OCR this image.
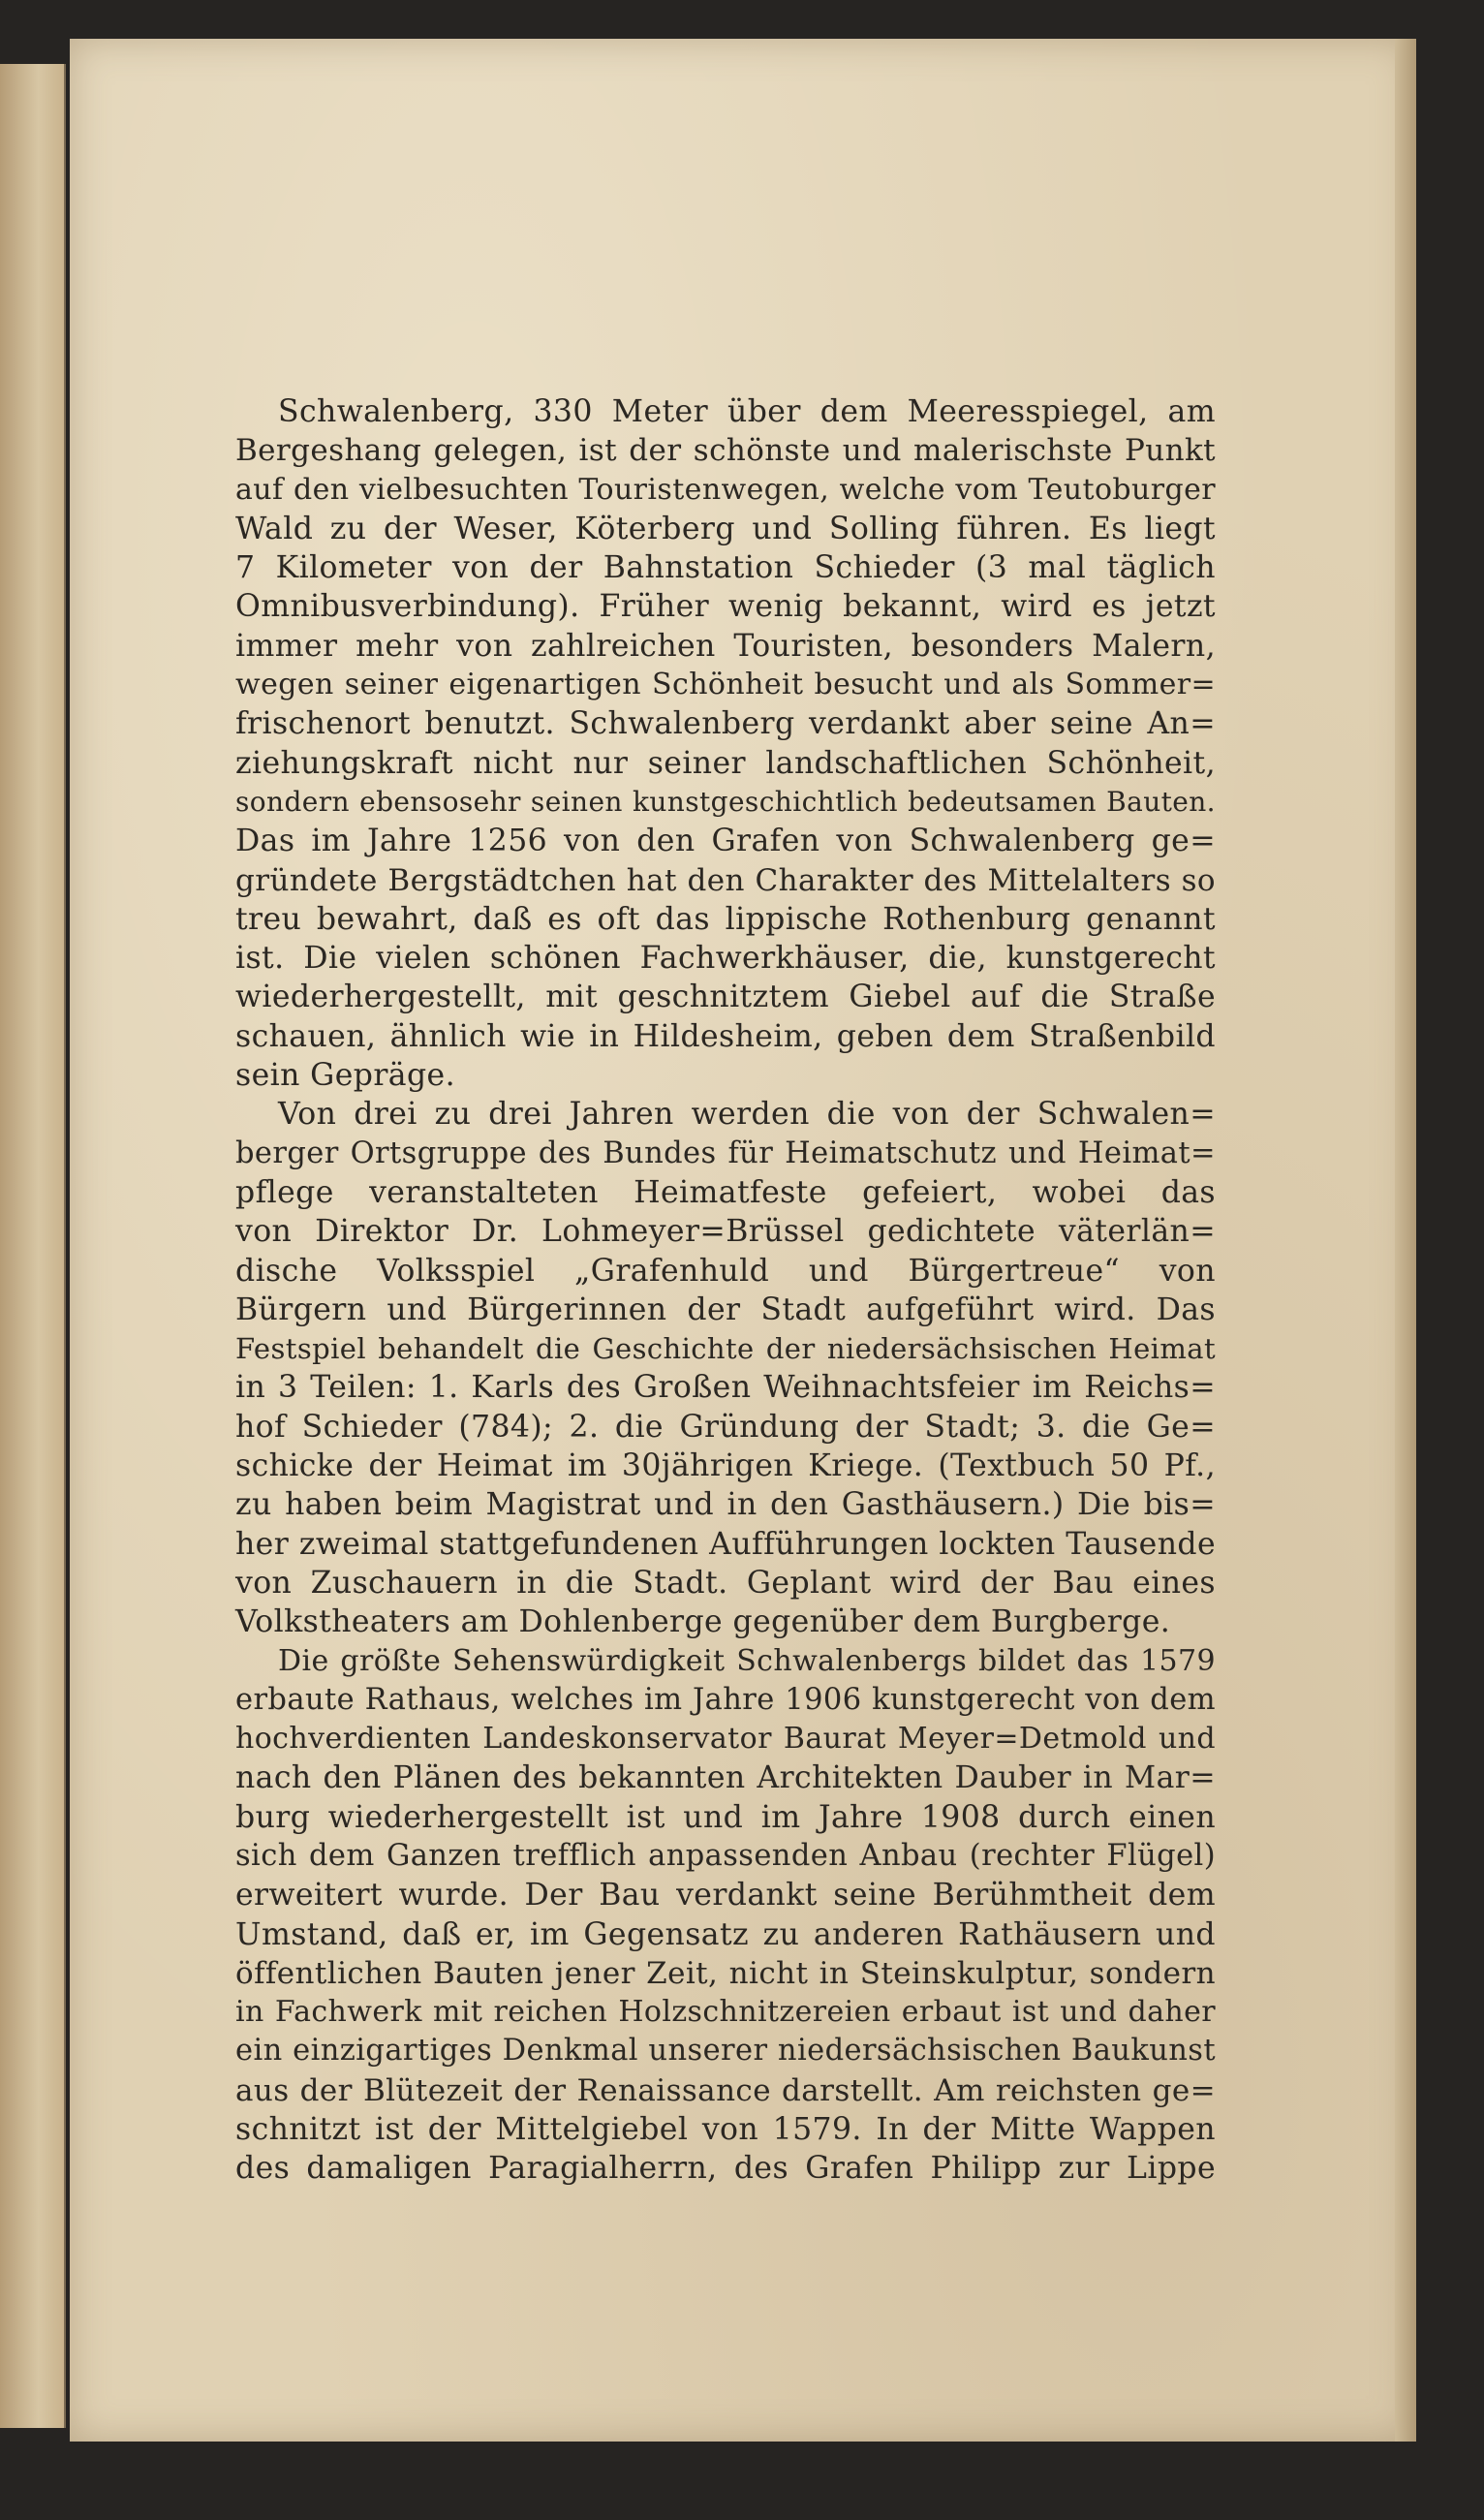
Schwalenberg, 330 Meter über dem Meeresspiegel, am
Bergeshang gelegen, ist der schönste und malerischste Punkt
auf den vielbesuchten Touristenwegen, welche vom Teutoburger
Wald zu der Weser, Köterberg und Solling führen. Es liegt
7 Kilometer von der Bahnstation Schieder (3 mal täglich
Omnibusverbindung). Früher wenig bekannt, wird es jetzt
immer mehr von zahlreichen Touristen, besonders Malern,
wegen seiner eigenartigen Schönheit besucht und als Sommer=
frischenort benutzt. Schwalenberg verdankt aber seine An=
ziehungskraft nicht nur seiner landschaftlichen Schönheit,
sondern ebensosehr seinen kunstgeschichtlich bedeutsamen Bauten.
Das im Jahre 1256 von den Grafen von Schwalenberg ge=
gründete Bergstädtchen hat den Charakter des Mittelalters so
treu bewahrt, daß es oft das lippische Rothenburg genannt
ist. Die vielen schönen Fachwerkhäuser, die, kunstgerecht
wiederhergestellt, mit geschnitztem Giebel auf die Straße
schauen, ähnlich wie in Hildesheim, geben dem Straßenbild
sein Gepräge.
Von drei zu drei Jahren werden die von der Schwalen=
berger Ortsgruppe des Bundes für Heimatschutz und Heimat=
pflege veranstalteten Heimatfeste gefeiert, wobei das
von Direktor Dr. Lohmeyer=Brüssel gedichtete väterlän=
dische Volksspiel „Grafenhuld und Bürgertreue“ von
Bürgern und Bürgerinnen der Stadt aufgeführt wird. Das
Festspiel behandelt die Geschichte der niedersächsischen Heimat
in 3 Teilen: 1. Karls des Großen Weihnachtsfeier im Reichs=
hof Schieder (784); 2. die Gründung der Stadt; 3. die Ge=
schicke der Heimat im 30jährigen Kriege. (Textbuch 50 Pf.,
zu haben beim Magistrat und in den Gasthäusern.) Die bis=
her zweimal stattgefundenen Aufführungen lockten Tausende
von Zuschauern in die Stadt. Geplant wird der Bau eines
Volkstheaters am Dohlenberge gegenüber dem Burgberge.
Die größte Sehenswürdigkeit Schwalenbergs bildet das 1579
erbaute Rathaus, welches im Jahre 1906 kunstgerecht von dem
hochverdienten Landeskonservator Baurat Meyer=Detmold und
nach den Plänen des bekannten Architekten Dauber in Mar=
burg wiederhergestellt ist und im Jahre 1908 durch einen
sich dem Ganzen trefflich anpassenden Anbau (rechter Flügel)
erweitert wurde. Der Bau verdankt seine Berühmtheit dem
Umstand, daß er, im Gegensatz zu anderen Rathäusern und
öffentlichen Bauten jener Zeit, nicht in Steinskulptur, sondern
in Fachwerk mit reichen Holzschnitzereien erbaut ist und daher
ein einzigartiges Denkmal unserer niedersächsischen Baukunst
aus der Blütezeit der Renaissance darstellt. Am reichsten ge=
schnitzt ist der Mittelgiebel von 1579. In der Mitte Wappen
des damaligen Paragialherrn, des Grafen Philipp zur Lippe
